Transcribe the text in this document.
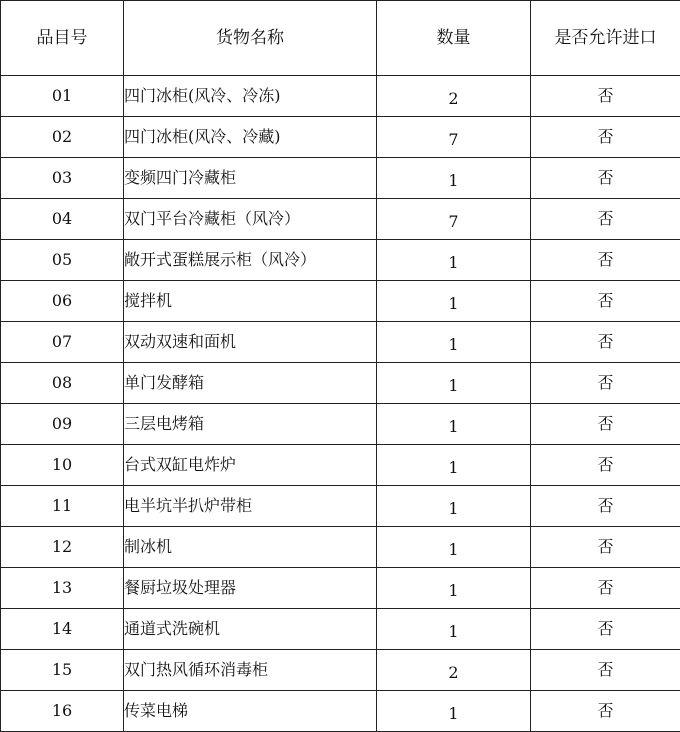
品目号	货物名称	数量	是否允许进口
01	四门冰柜(风冷、冷冻)	2	否
02	四门冰柜(风冷、冷藏)	7	否
03	变频四门冷藏柜	1	否
04	双门平台冷藏柜（风冷）	7	否
05	敞开式蛋糕展示柜（风冷）	1	否
06	搅拌机	1	否
07	双动双速和面机	1	否
08	单门发酵箱	1	否
09	三层电烤箱	1	否
10	台式双缸电炸炉	1	否
11	电半坑半扒炉带柜	1	否
12	制冰机	1	否
13	餐厨垃圾处理器	1	否
14	通道式洗碗机	1	否
15	双门热风循环消毒柜	2	否
16	传菜电梯	1	否
